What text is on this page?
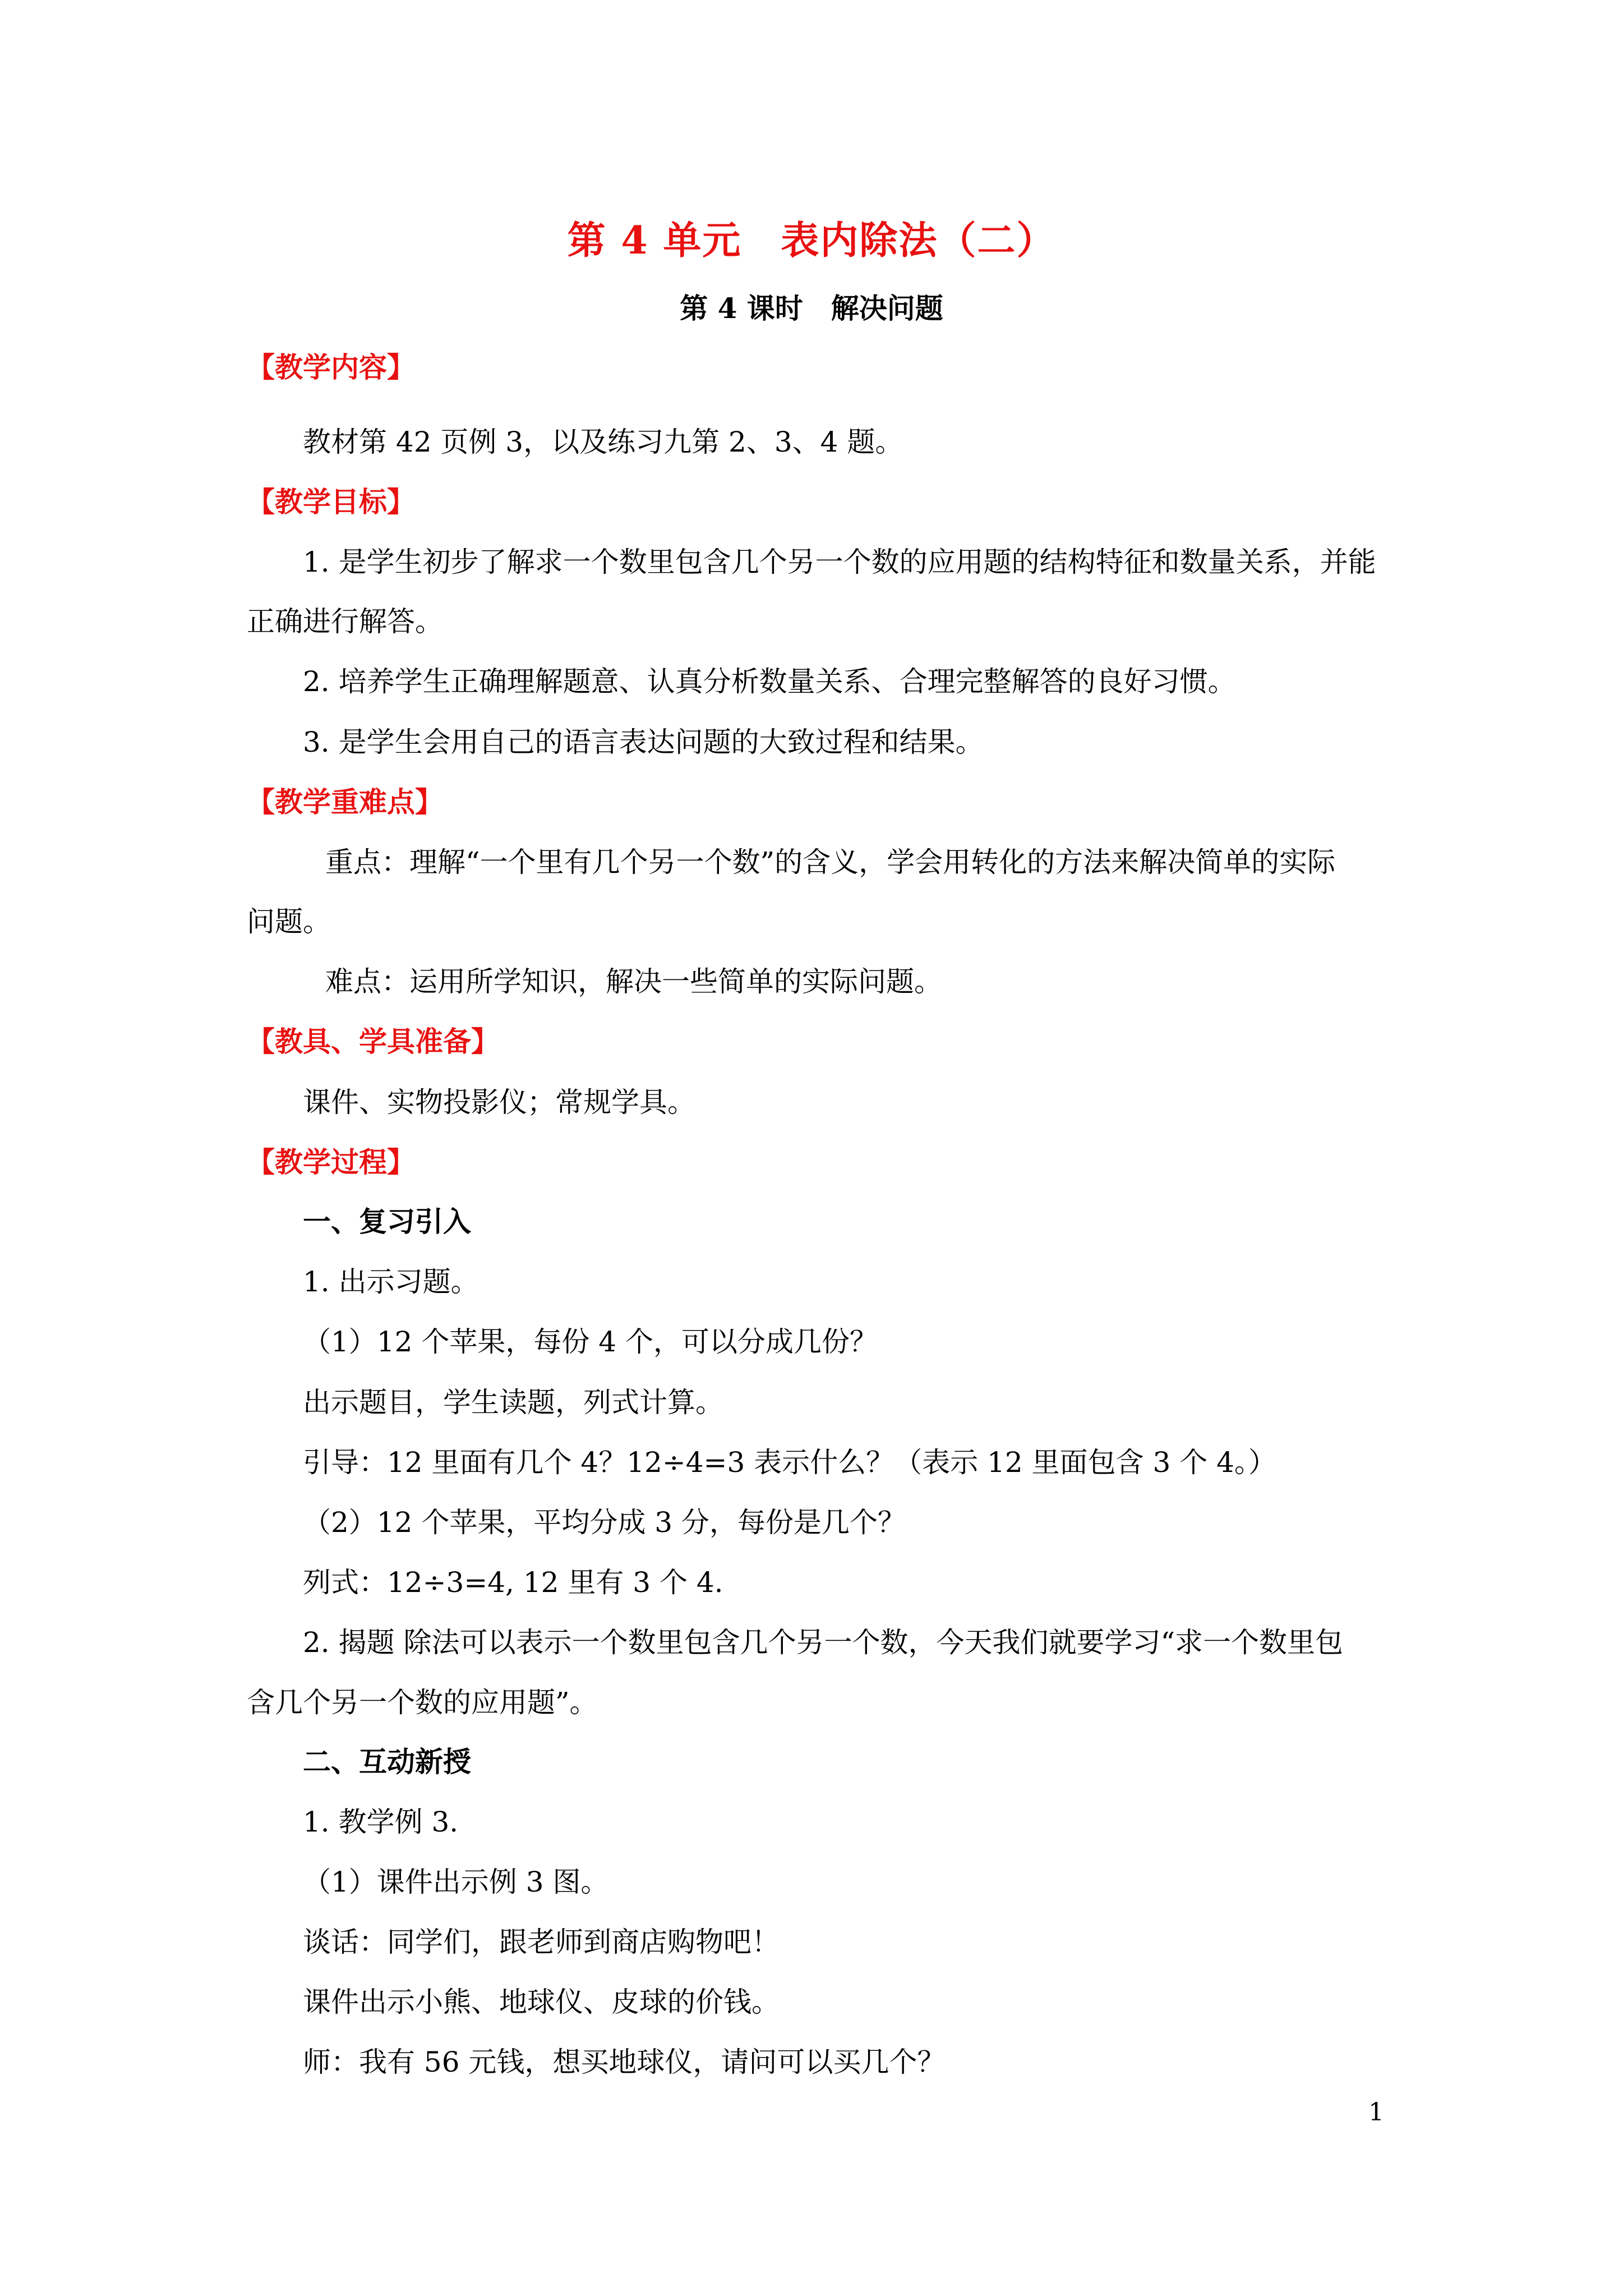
第 4 单元　表内除法（二）
第 4 课时　解决问题
【教学内容】
教材第 42 页例 3，以及练习九第 2、3、4 题。
【教学目标】
1. 是学生初步了解求一个数里包含几个另一个数的应用题的结构特征和数量关系，并能
正确进行解答。
2. 培养学生正确理解题意、认真分析数量关系、合理完整解答的良好习惯。
3. 是学生会用自己的语言表达问题的大致过程和结果。
【教学重难点】
重点：理解“一个里有几个另一个数”的含义，学会用转化的方法来解决简单的实际
问题。
难点：运用所学知识，解决一些简单的实际问题。
【教具、学具准备】
课件、实物投影仪；常规学具。
【教学过程】
一、复习引入
1. 出示习题。
（1）12 个苹果，每份 4 个，可以分成几份？
出示题目，学生读题，列式计算。
引导：12 里面有几个 4？12÷4=3 表示什么？（表示 12 里面包含 3 个 4。）
（2）12 个苹果，平均分成 3 分，每份是几个？
列式：12÷3=4, 12 里有 3 个 4.
2. 揭题 除法可以表示一个数里包含几个另一个数，今天我们就要学习“求一个数里包
含几个另一个数的应用题”。
二、互动新授
1. 教学例 3.
（1）课件出示例 3 图。
谈话：同学们，跟老师到商店购物吧！
课件出示小熊、地球仪、皮球的价钱。
师：我有 56 元钱，想买地球仪，请问可以买几个？
1
